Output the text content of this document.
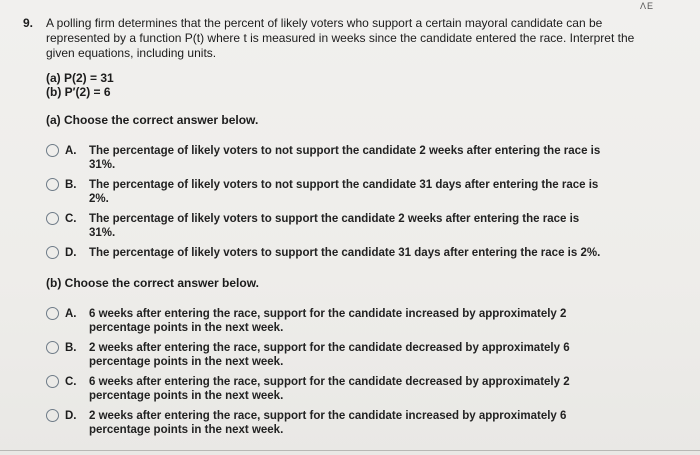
ΛΕ
9. A polling firm determines that the percent of likely voters who support a certain mayoral candidate can be represented by a function P(t) where t is measured in weeks since the candidate entered the race. Interpret the given equations, including units.
(a) P(2) = 31
(b) P′(2) = 6
(a) Choose the correct answer below.
A.	The percentage of likely voters to not support the candidate 2 weeks after entering the race is 31%.
B.	The percentage of likely voters to not support the candidate 31 days after entering the race is 2%.
C.	The percentage of likely voters to support the candidate 2 weeks after entering the race is 31%.
D.	The percentage of likely voters to support the candidate 31 days after entering the race is 2%.
(b) Choose the correct answer below.
A.	6 weeks after entering the race, support for the candidate increased by approximately 2 percentage points in the next week.
B.	2 weeks after entering the race, support for the candidate decreased by approximately 6 percentage points in the next week.
C.	6 weeks after entering the race, support for the candidate decreased by approximately 2 percentage points in the next week.
D.	2 weeks after entering the race, support for the candidate increased by approximately 6 percentage points in the next week.
